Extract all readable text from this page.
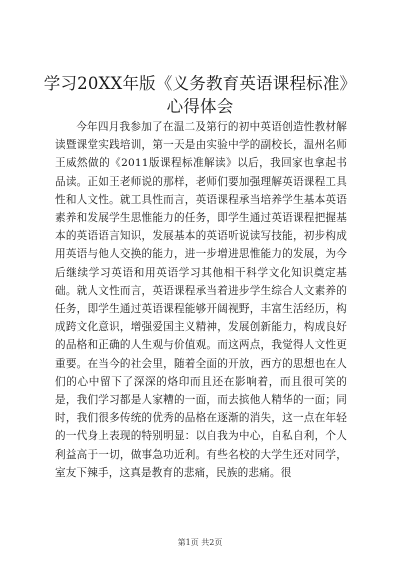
学习20XX年版《义务教育英语课程标准》心得体会

今年四月我参加了在温二及第行的初中英语创造性教材解读暨课堂实践培训，第一天是由实验中学的副校长，温州名师王威然做的《2011版课程标准解读》以后，我回家也拿起书品读。正如王老师说的那样，老师们要加强理解英语课程工具性和人文性。就工具性而言，英语课程承当培养学生基本英语素养和发展学生思惟能力的任务，即学生通过英语课程把握基本的英语语言知识，发展基本的英语听说读写技能，初步构成用英语与他人交换的能力，进一步增进思惟能力的发展，为今后继续学习英语和用英语学习其他相干科学文化知识奠定基础。就人文性而言，英语课程承当着进步学生综合人文素养的任务，即学生通过英语课程能够开阔视野，丰富生活经历，构成跨文化意识，增强爱国主义精神，发展创新能力，构成良好的品格和正确的人生观与价值观。而这两点，我觉得人文性更重要。在当今的社会里，随着全面的开放，西方的思想也在人们的心中留下了深深的烙印而且还在影响着，而且很可笑的是，我们学习都是人家糟的一面，而去摈他人精华的一面；同时，我们很多传统的优秀的品格在逐渐的消失，这一点在年轻的一代身上表现的特别明显：以自我为中心，自私自利，个人利益高于一切，做事急功近利。有些名校的大学生还对同学，室友下辣手，这真是教育的悲痛，民族的悲痛。很

第1页 共2页
